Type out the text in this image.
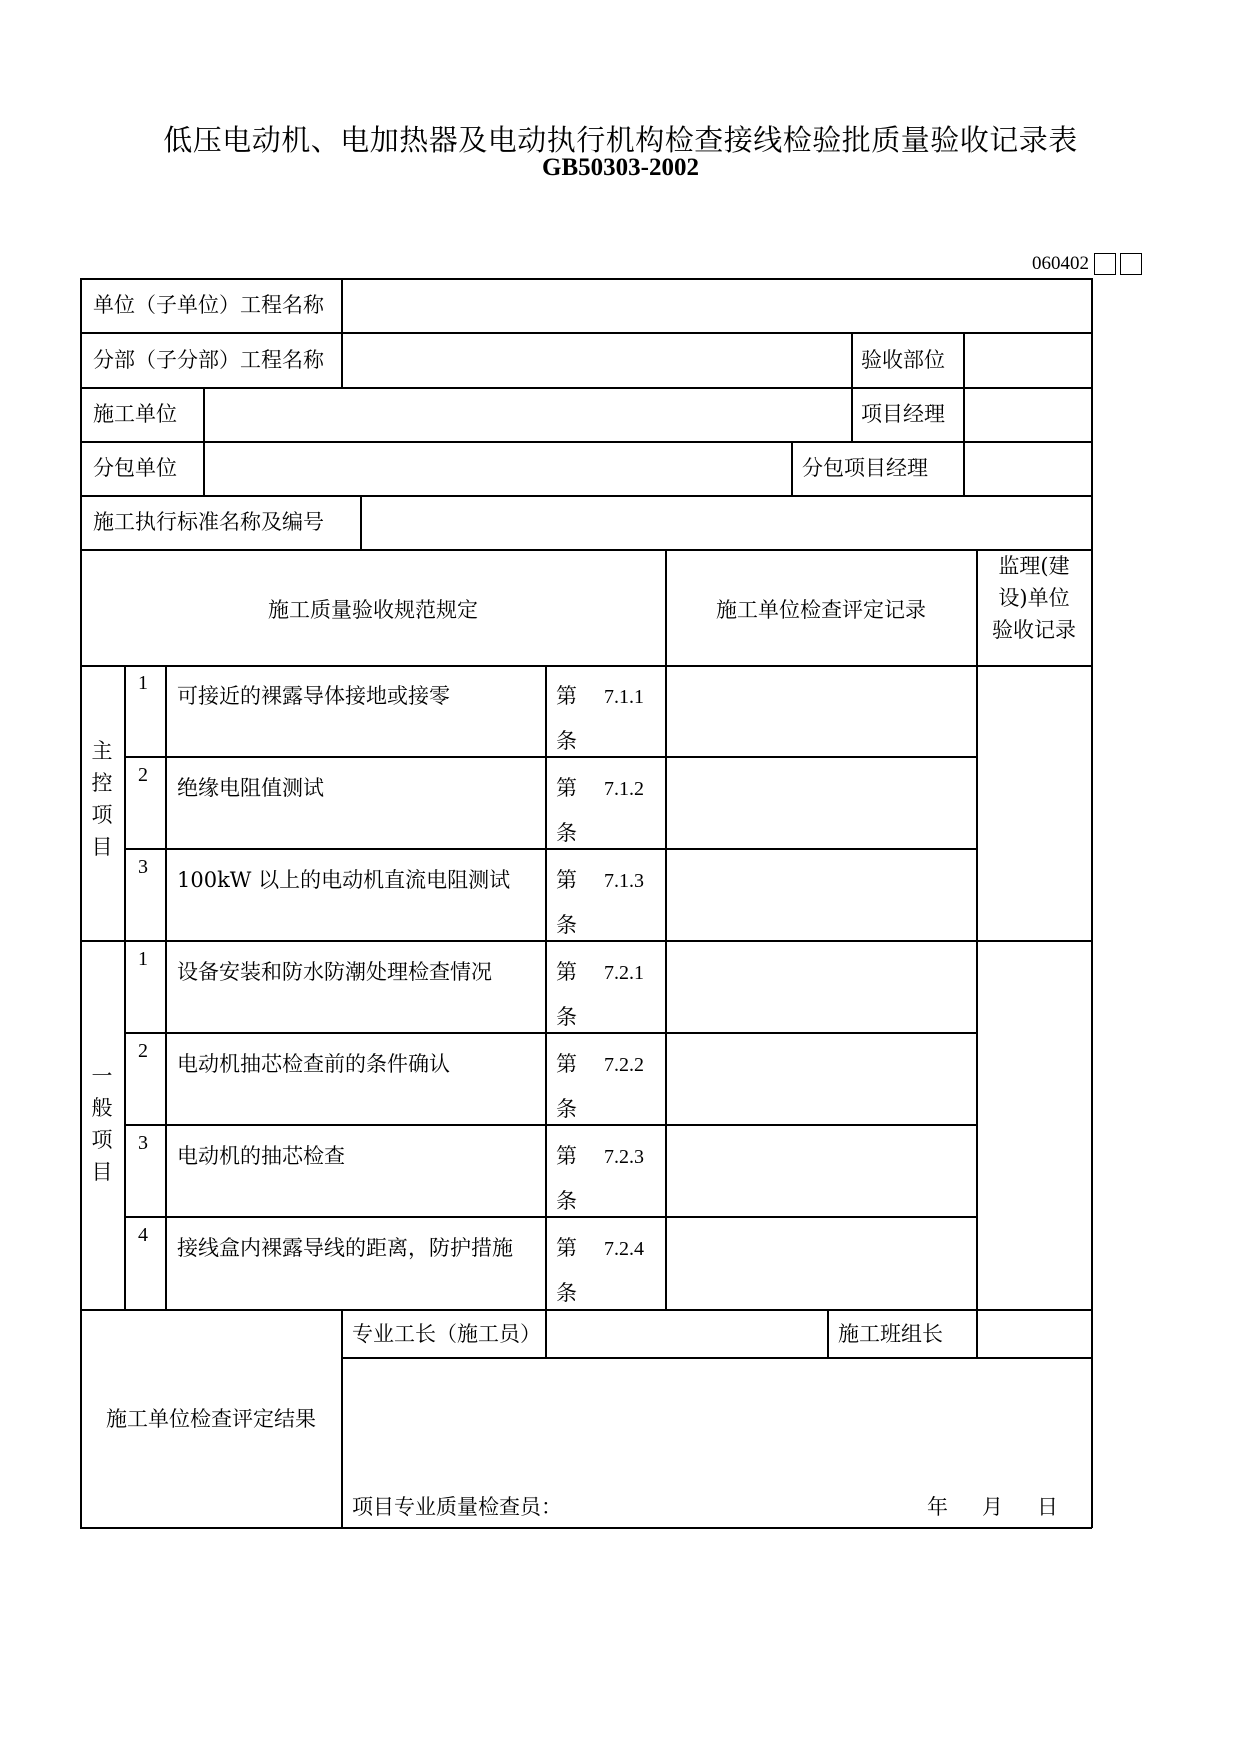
低压电动机、电加热器及电动执行机构检查接线检验批质量验收记录表
GB50303-2002
060402
单位（子单位）工程名称
分部（子分部）工程名称	验收部位
施工单位	项目经理
分包单位	分包项目经理
施工执行标准名称及编号
施工质量验收规范规定	施工单位检查评定记录
监理(建
设)单位
验收记录
主
控
项
目
1
可接近的裸露导体接地或接零	第 7.1.1
条
2
绝缘电阻值测试	第 7.1.2
条
3
100kW 以上的电动机直流电阻测试 第 7.1.3
条
一
般
项
目
1
设备安装和防水防潮处理检查情况	第 7.2.1
条
2
电动机抽芯检查前的条件确认	第 7.2.2
条
3
电动机的抽芯检查	第 7.2.3
条
4
接线盒内裸露导线的距离，防护措施 第 7.2.4
条
专业工长（施工员）	施工班组长
施工单位检查评定结果
项目专业质量检查员：	年 月 日
